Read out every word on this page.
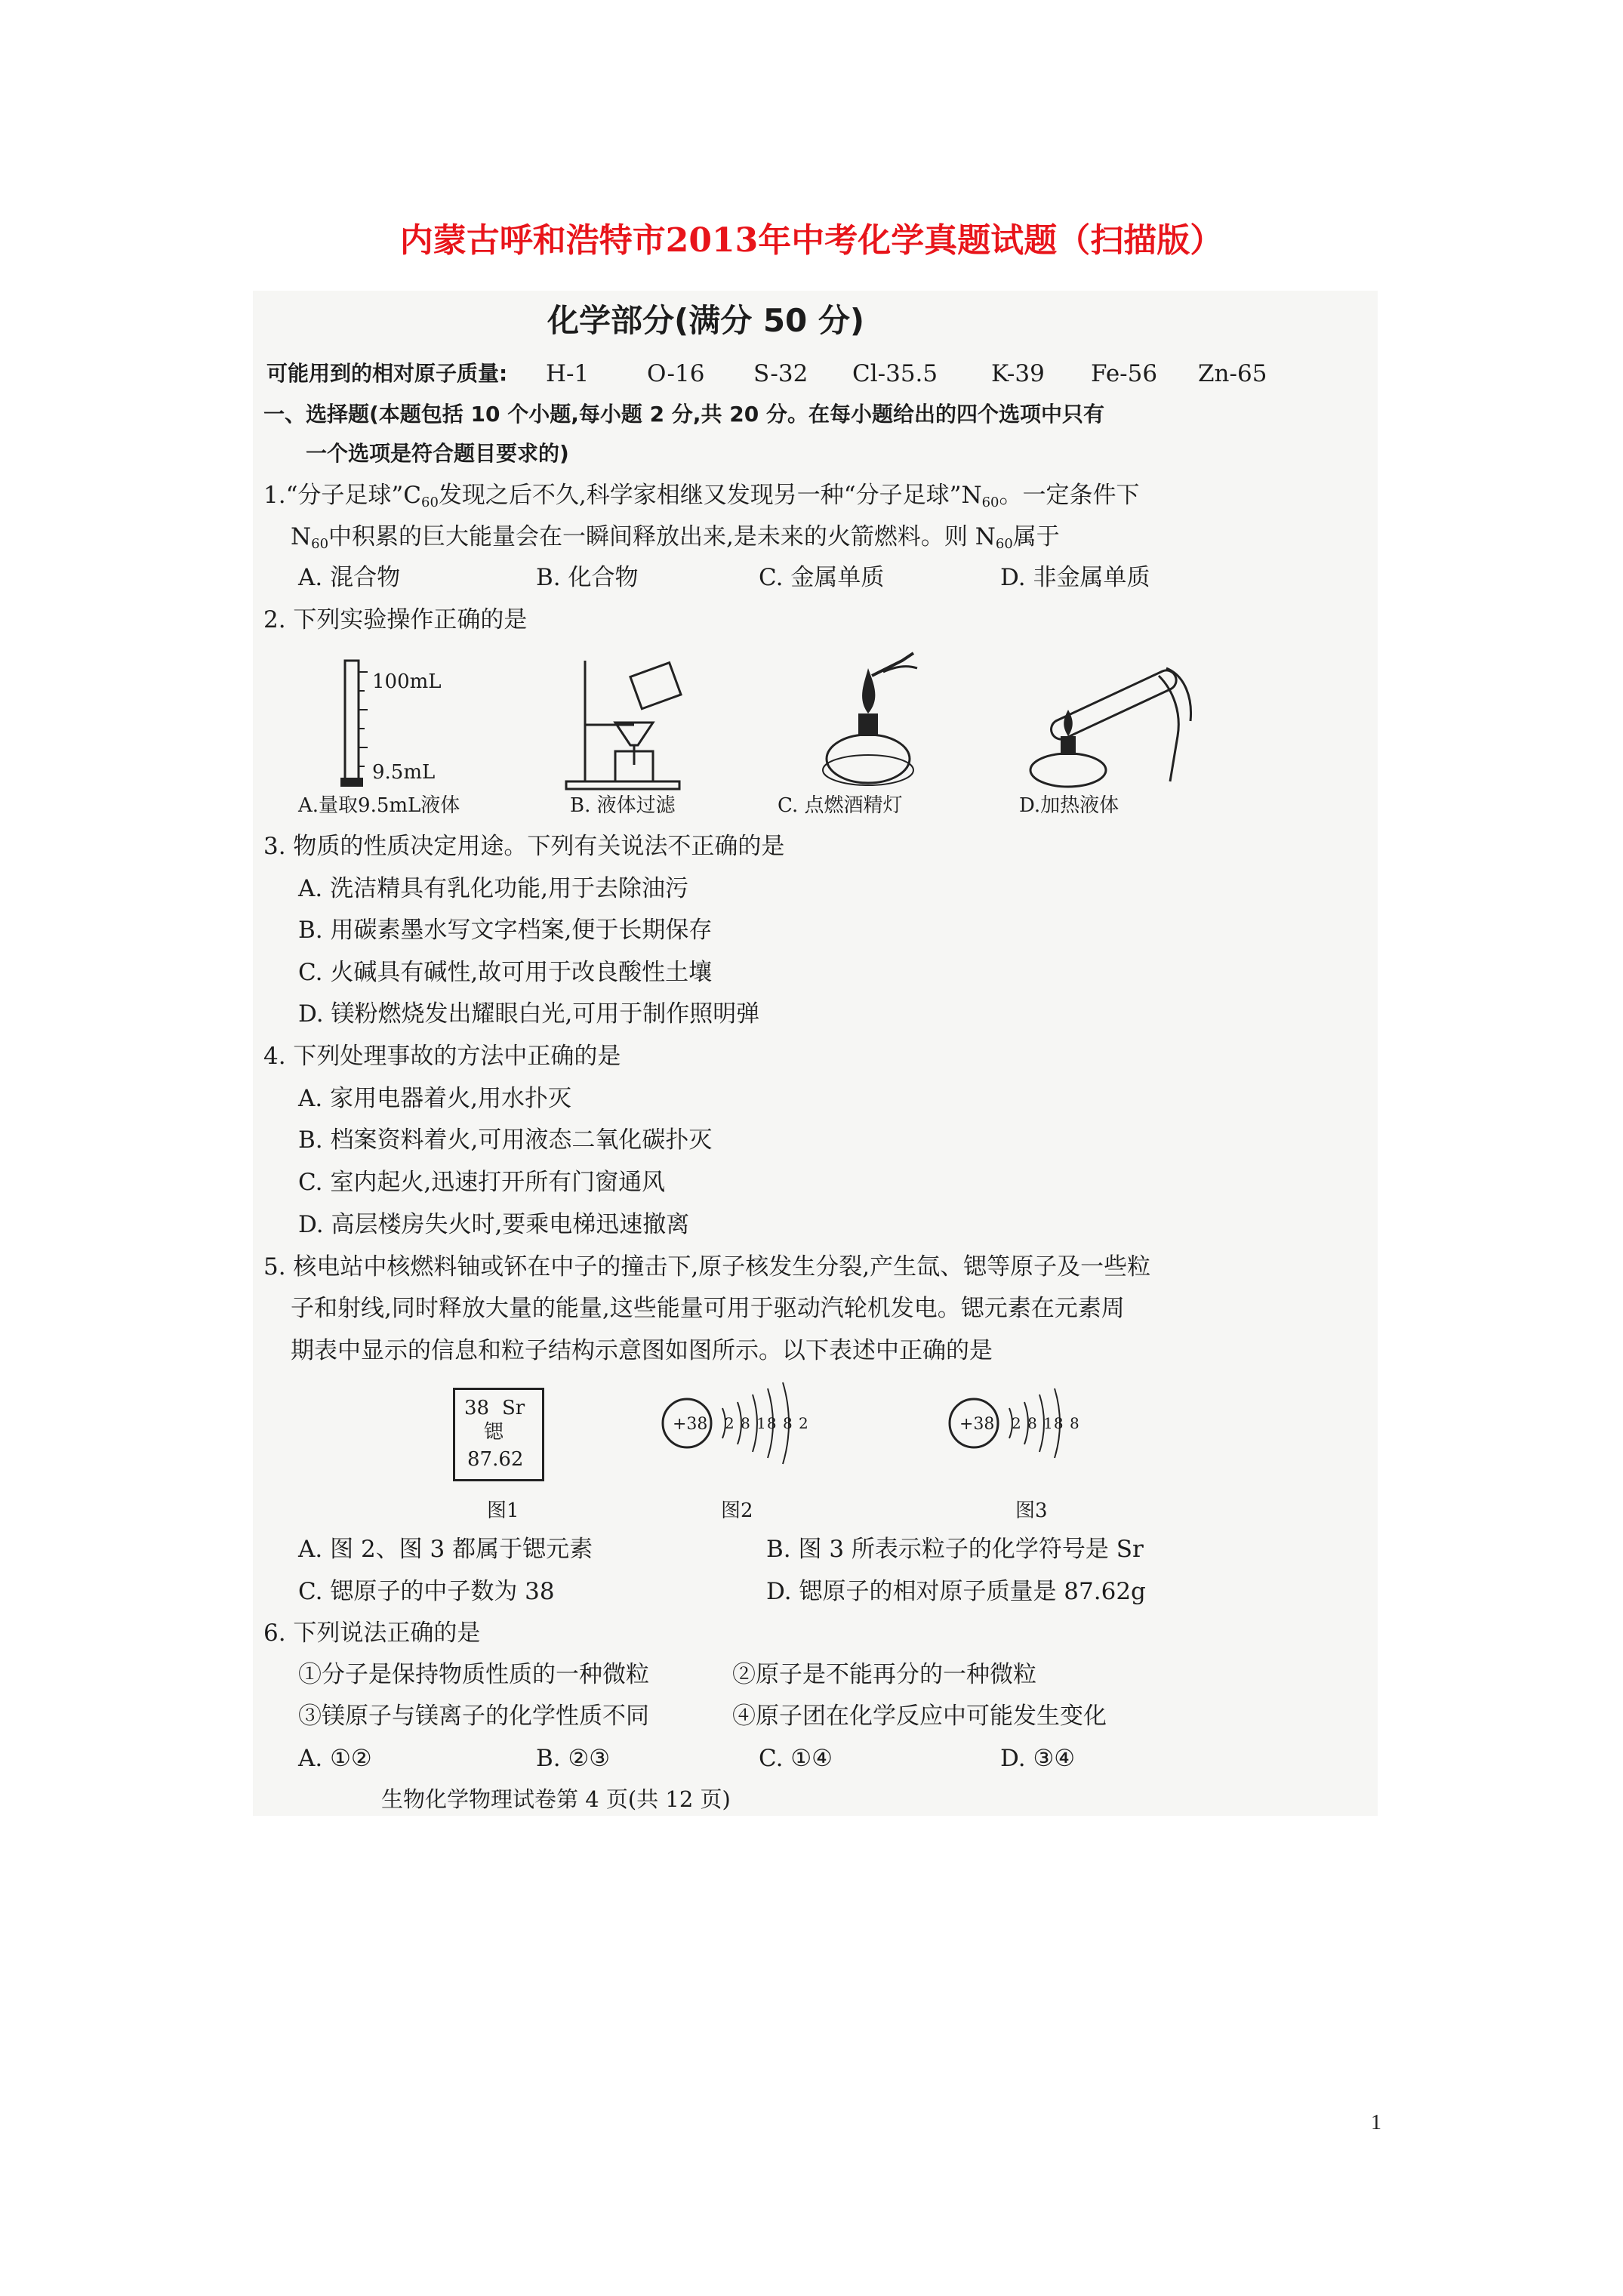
内蒙古呼和浩特市2013年中考化学真题试题（扫描版）
化学部分(满分 50 分)
可能用到的相对原子质量: H-1 O-16 S-32 Cl-35.5 K-39 Fe-56 Zn-65
一、选择题(本题包括 10 个小题,每小题 2 分,共 20 分。在每小题给出的四个选项中只有
一个选项是符合题目要求的)
1.“分子足球$”C_{60}$发现之后不久,科学家相继又发现另一种“分子足球$”N_{60}$。一定条件下
$N_{60}$中积累的巨大能量会在一瞬间释放出来,是未来的火箭燃料。则 $N_{60}$属于
A. 混合物	B. 化合物	C. 金属单质	D. 非金属单质
2. 下列实验操作正确的是
100mL
9.5mL
A.量取9.5mL液体	B. 液体过滤	C. 点燃酒精灯	D.加热液体
3. 物质的性质决定用途。下列有关说法不正确的是
A. 洗洁精具有乳化功能,用于去除油污
B. 用碳素墨水写文字档案,便于长期保存
C. 火碱具有碱性,故可用于改良酸性土壤
D. 镁粉燃烧发出耀眼白光,可用于制作照明弹
4. 下列处理事故的方法中正确的是
A. 家用电器着火,用水扑灭
B. 档案资料着火,可用液态二氧化碳扑灭
C. 室内起火,迅速打开所有门窗通风
D. 高层楼房失火时,要乘电梯迅速撤离
5. 核电站中核燃料铀或钚在中子的撞击下,原子核发生分裂,产生氙、锶等原子及一些粒
子和射线,同时释放大量的能量,这些能量可用于驱动汽轮机发电。锶元素在元素周
期表中显示的信息和粒子结构示意图如图所示。以下表述中正确的是
38 Sr
锶
87.62
+38 2 8 18 8 2	+38 2 8 18 8
图1	图2	图3
A. 图 2、图 3 都属于锶元素	B. 图 3 所表示粒子的化学符号是 Sr
C. 锶原子的中子数为 38	D. 锶原子的相对原子质量是 87.62g
6. 下列说法正确的是
①分子是保持物质性质的一种微粒	②原子是不能再分的一种微粒
③镁原子与镁离子的化学性质不同	④原子团在化学反应中可能发生变化
A. ①②	B. ②③	C. ①④	D. ③④
生物化学物理试卷第 4 页(共 12 页)
1
